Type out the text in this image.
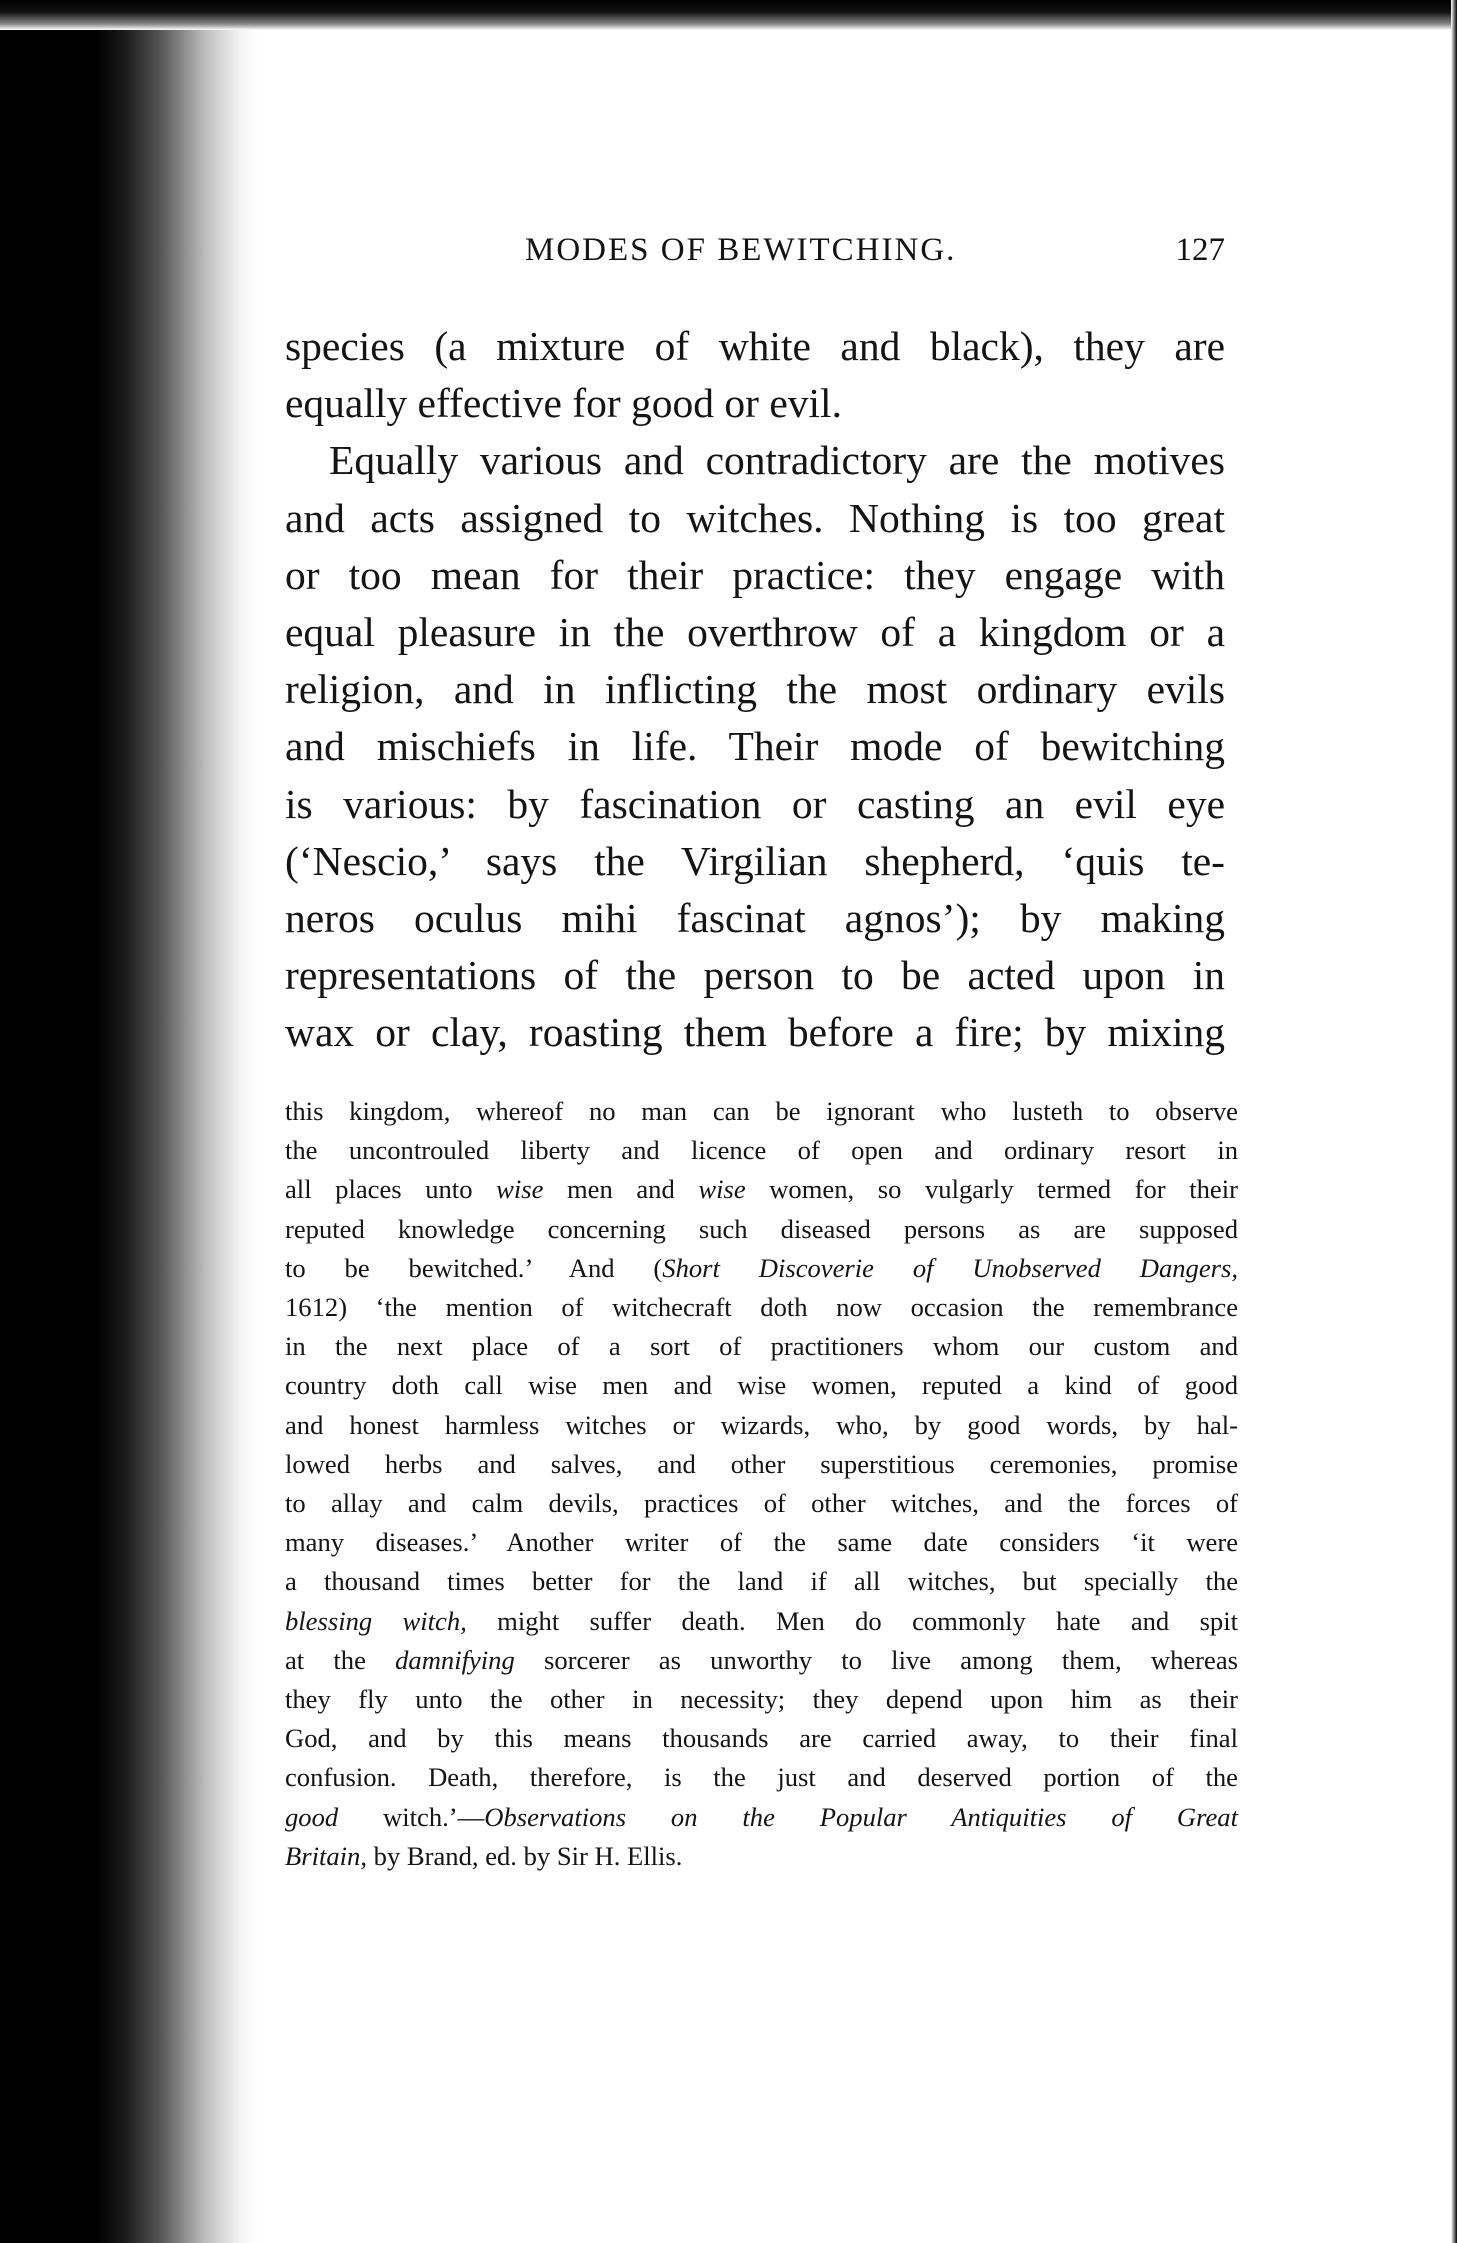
MODES OF BEWITCHING.	127
species (a mixture of white and black), they are
equally effective for good or evil.
Equally various and contradictory are the motives
and acts assigned to witches. Nothing is too great
or too mean for their practice: they engage with
equal pleasure in the overthrow of a kingdom or a
religion, and in inflicting the most ordinary evils
and mischiefs in life. Their mode of bewitching
is various: by fascination or casting an evil eye
(‘Nescio,’ says the Virgilian shepherd, ‘quis te-
neros oculus mihi fascinat agnos’); by making
representations of the person to be acted upon in
wax or clay, roasting them before a fire; by mixing
this kingdom, whereof no man can be ignorant who lusteth to observe
the uncontrouled liberty and licence of open and ordinary resort in
all places unto wise men and wise women, so vulgarly termed for their
reputed knowledge concerning such diseased persons as are supposed
to be bewitched.’ And (Short Discoverie of Unobserved Dangers,
1612) ‘the mention of witchecraft doth now occasion the remembrance
in the next place of a sort of practitioners whom our custom and
country doth call wise men and wise women, reputed a kind of good
and honest harmless witches or wizards, who, by good words, by hal-
lowed herbs and salves, and other superstitious ceremonies, promise
to allay and calm devils, practices of other witches, and the forces of
many diseases.’ Another writer of the same date considers ‘it were
a thousand times better for the land if all witches, but specially the
blessing witch, might suffer death. Men do commonly hate and spit
at the damnifying sorcerer as unworthy to live among them, whereas
they fly unto the other in necessity; they depend upon him as their
God, and by this means thousands are carried away, to their final
confusion. Death, therefore, is the just and deserved portion of the
good witch.’—Observations on the Popular Antiquities of Great
Britain, by Brand, ed. by Sir H. Ellis.
